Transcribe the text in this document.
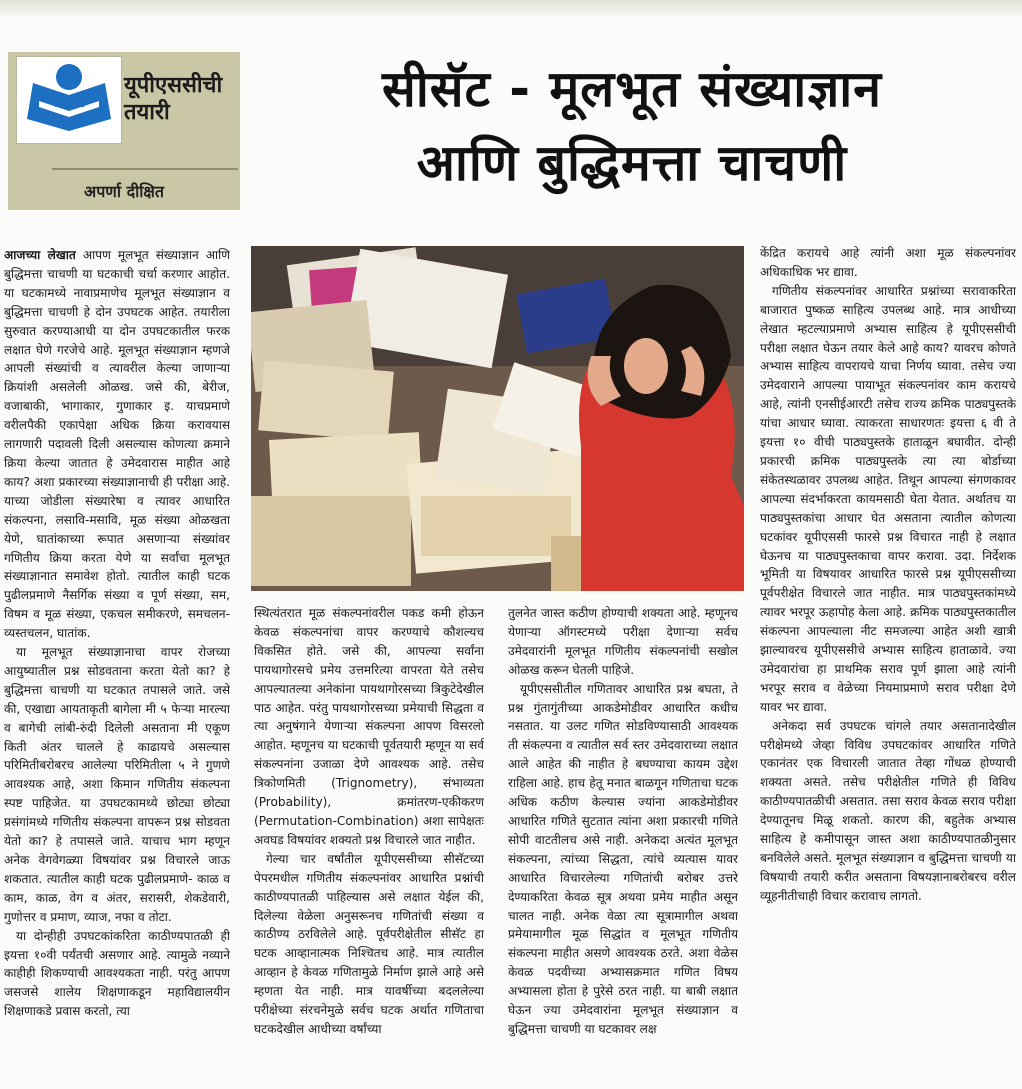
UPSC
यूपीएससीची तयारी
अपर्णा दीक्षित
सीसॅट - मूलभूत संख्याज्ञान
आणि बुद्धिमत्ता चाचणी

आजच्या लेखात आपण मूलभूत संख्याज्ञान आणि बुद्धिमत्ता चाचणी या घटकाची चर्चा करणार आहोत. या घटकामध्ये नावाप्रमाणेच मूलभूत संख्याज्ञान व बुद्धिमत्ता चाचणी हे दोन उपघटक आहेत. तयारीला सुरुवात करण्याआधी या दोन उपघटकातील फरक लक्षात घेणे गरजेचे आहे. मूलभूत संख्याज्ञान म्हणजे आपली संख्यांची व त्यावरील केल्या जाणाऱ्या क्रियांशी असलेली ओळख. जसे की, बेरीज, वजाबाकी, भागाकार, गुणाकार इ. याचप्रमाणे वरीलपैकी एकापेक्षा अधिक क्रिया करावयास लागणारी पदावली दिली असल्यास कोणत्या क्रमाने क्रिया केल्या जातात हे उमेदवारास माहीत आहे काय? अशा प्रकारच्या संख्याज्ञानाची ही परीक्षा आहे. याच्या जोडीला संख्यारेषा व त्यावर आधारित संकल्पना, लसावि-मसावि, मूळ संख्या ओळखता येणे, घातांकाच्या रूपात असणाऱ्या संख्यांवर गणितीय क्रिया करता येणे या सर्वांचा मूलभूत संख्याज्ञानात समावेश होतो. त्यातील काही घटक पुढीलप्रमाणे नैसर्गिक संख्या व पूर्ण संख्या, सम, विषम व मूळ संख्या, एकचल समीकरणे, समचलन-व्यस्तचलन, घातांक.

या मूलभूत संख्याज्ञानाचा वापर रोजच्या आयुष्यातील प्रश्न सोडवताना करता येतो का? हे बुद्धिमत्ता चाचणी या घटकात तपासले जाते. जसे की, एखाद्या आयताकृती बागेला मी ५ फेऱ्या मारल्या व बागेची लांबी-रुंदी दिलेली असताना मी एकूण किती अंतर चालले हे काढायचे असल्यास परिमितीबरोबरच आलेल्या परिमितीला ५ ने गुणणे आवश्यक आहे, अशा किमान गणितीय संकल्पना स्पष्ट पाहिजेत. या उपघटकामध्ये छोट्या छोट्या प्रसंगांमध्ये गणितीय संकल्पना वापरून प्रश्न सोडवता येतो का? हे तपासले जाते. याचाच भाग म्हणून अनेक वेगवेगळ्या विषयांवर प्रश्न विचारले जाऊ शकतात. त्यातील काही घटक पुढीलप्रमाणे- काळ व काम, काळ, वेग व अंतर, सरासरी, शेकडेवारी, गुणोत्तर व प्रमाण, व्याज, नफा व तोटा.

या दोन्हीही उपघटकांकरिता काठीण्यपातळी ही इयत्ता १०वी पर्यंतची असणार आहे. त्यामुळे नव्याने काहीही शिकण्याची आवश्यकता नाही. परंतु आपण जसजसे शालेय शिक्षणाकडून महाविद्यालयीन शिक्षणाकडे प्रवास करतो, त्या

स्थित्यंतरात मूळ संकल्पनांवरील पकड कमी होऊन केवळ संकल्पनांचा वापर करण्याचे कौशल्यच विकसित होते. जसे की, आपल्या सर्वांना पायथागोरसचे प्रमेय उत्तमरित्या वापरता येते तसेच आपल्यातल्या अनेकांना पायथागोरसच्या त्रिकुटेदेखील पाठ आहेत. परंतु पायथागोरसच्या प्रमेयाची सिद्धता व त्या अनुषंगाने येणाऱ्या संकल्पना आपण विसरलो आहोत. म्हणूनच या घटकाची पूर्वतयारी म्हणून या सर्व संकल्पनांना उजाळा देणे आवश्यक आहे. तसेच त्रिकोणमिती (Trignometry), संभाव्यता (Probability), क्रमांतरण-एकीकरण (Permutation-Combination) अशा सापेक्षतः अवघड विषयांवर शक्यतो प्रश्न विचारले जात नाहीत.

गेल्या चार वर्षांतील यूपीएससीच्या सीसॅटच्या पेपरमधील गणितीय संकल्पनांवर आधारित प्रश्नांची काठीण्यपातळी पाहिल्यास असे लक्षात येईल की, दिलेल्या वेळेला अनुसरूनच गणितांची संख्या व काठीण्य ठरविलेले आहे. पूर्वपरीक्षेतील सीसॅट हा घटक आव्हानात्मक निश्चितच आहे. मात्र त्यातील आव्हान हे केवळ गणितामुळे निर्माण झाले आहे असे म्हणता येत नाही. मात्र यावर्षीच्या बदललेल्या परीक्षेच्या संरचनेमुळे सर्वच घटक अर्थात गणिताचा घटकदेखील आधीच्या वर्षांच्या

तुलनेत जास्त कठीण होण्याची शक्यता आहे. म्हणूनच येणाऱ्या ऑगस्टमध्ये परीक्षा देणाऱ्या सर्वच उमेदवारांनी मूलभूत गणितीय संकल्पनांची सखोल ओळख करून घेतली पाहिजे.

यूपीएससीतील गणितावर आधारित प्रश्न बघता, ते प्रश्न गुंतागुंतीच्या आकडेमोडीवर आधारित कधीच नसतात. या उलट गणित सोडविण्यासाठी आवश्यक ती संकल्पना व त्यातील सर्व स्तर उमेदवाराच्या लक्षात आले आहेत की नाहीत हे बघण्याचा कायम उद्देश राहिला आहे. हाच हेतू मनात बाळगून गणिताचा घटक अधिक कठीण केल्यास ज्यांना आकडेमोडीवर आधारित गणिते सुटतात त्यांना अशा प्रकारची गणिते सोपी वाटतीलच असे नाही. अनेकदा अत्यंत मूलभूत संकल्पना, त्यांच्या सिद्धता, त्यांचे व्यत्यास यावर आधारित विचारलेल्या गणितांची बरोबर उत्तरे देण्याकरिता केवळ सूत्र अथवा प्रमेय माहीत असून चालत नाही. अनेक वेळा त्या सूत्रामागील अथवा प्रमेयामागील मूळ सिद्धांत व मूलभूत गणितीय संकल्पना माहीत असणे आवश्यक ठरते. अशा वेळेस केवळ पदवीच्या अभ्यासक्रमात गणित विषय अभ्यासला होता हे पुरेसे ठरत नाही. या बाबी लक्षात घेऊन ज्या उमेदवारांना मूलभूत संख्याज्ञान व बुद्धिमत्ता चाचणी या घटकावर लक्ष

केंद्रित करायचे आहे त्यांनी अशा मूळ संकल्पनांवर अधिकाधिक भर द्यावा.

गणितीय संकल्पनांवर आधारित प्रश्नांच्या सरावाकरिता बाजारात पुष्कळ साहित्य उपलब्ध आहे. मात्र आधीच्या लेखात म्हटल्याप्रमाणे अभ्यास साहित्य हे यूपीएससीची परीक्षा लक्षात घेऊन तयार केले आहे काय? यावरच कोणते अभ्यास साहित्य वापरायचे याचा निर्णय घ्यावा. तसेच ज्या उमेदवाराने आपल्या पायाभूत संकल्पनांवर काम करायचे आहे, त्यांनी एनसीईआरटी तसेच राज्य क्रमिक पाठ्यपुस्तके यांचा आधार घ्यावा. त्याकरता साधारणतः इयत्ता ६ वी ते इयत्ता १० वीची पाठ्यपुस्तके हाताळून बघावीत. दोन्ही प्रकारची क्रमिक पाठ्यपुस्तके त्या त्या बोर्डाच्या संकेतस्थळावर उपलब्ध आहेत. तिथून आपल्या संगणकावर आपल्या संदर्भाकरता कायमसाठी घेता येतात. अर्थातच या पाठ्यपुस्तकांचा आधार घेत असताना त्यातील कोणत्या घटकांवर यूपीएससी फारसे प्रश्न विचारत नाही हे लक्षात घेऊनच या पाठ्यपुस्तकाचा वापर करावा. उदा. निर्देशक भूमिती या विषयावर आधारित फारसे प्रश्न यूपीएससीच्या पूर्वपरीक्षेत विचारले जात नाहीत. मात्र पाठ्यपुस्तकांमध्ये त्यावर भरपूर ऊहापोह केला आहे. क्रमिक पाठ्यपुस्तकातील संकल्पना आपल्याला नीट समजल्या आहेत अशी खात्री झाल्यावरच यूपीएससीचे अभ्यास साहित्य हाताळावे. ज्या उमेदवारांचा हा प्राथमिक सराव पूर्ण झाला आहे त्यांनी भरपूर सराव व वेळेच्या नियमाप्रमाणे सराव परीक्षा देणे यावर भर द्यावा.

अनेकदा सर्व उपघटक चांगले तयार असतानादेखील परीक्षेमध्ये जेव्हा विविध उपघटकांवर आधारित गणिते एकानंतर एक विचारली जातात तेव्हा गोंधळ होण्याची शक्यता असते. तसेच परीक्षेतील गणिते ही विविध काठीण्यपातळीची असतात. तसा सराव केवळ सराव परीक्षा देण्यातूनच मिळू शकतो. कारण की, बहुतेक अभ्यास साहित्य हे कमीपासून जास्त अशा काठीण्यपातळीनुसार बनविलेले असते. मूलभूत संख्याज्ञान व बुद्धिमत्ता चाचणी या विषयाची तयारी करीत असताना विषयज्ञानाबरोबरच वरील व्यूहनीतीचाही विचार करावाच लागतो.
